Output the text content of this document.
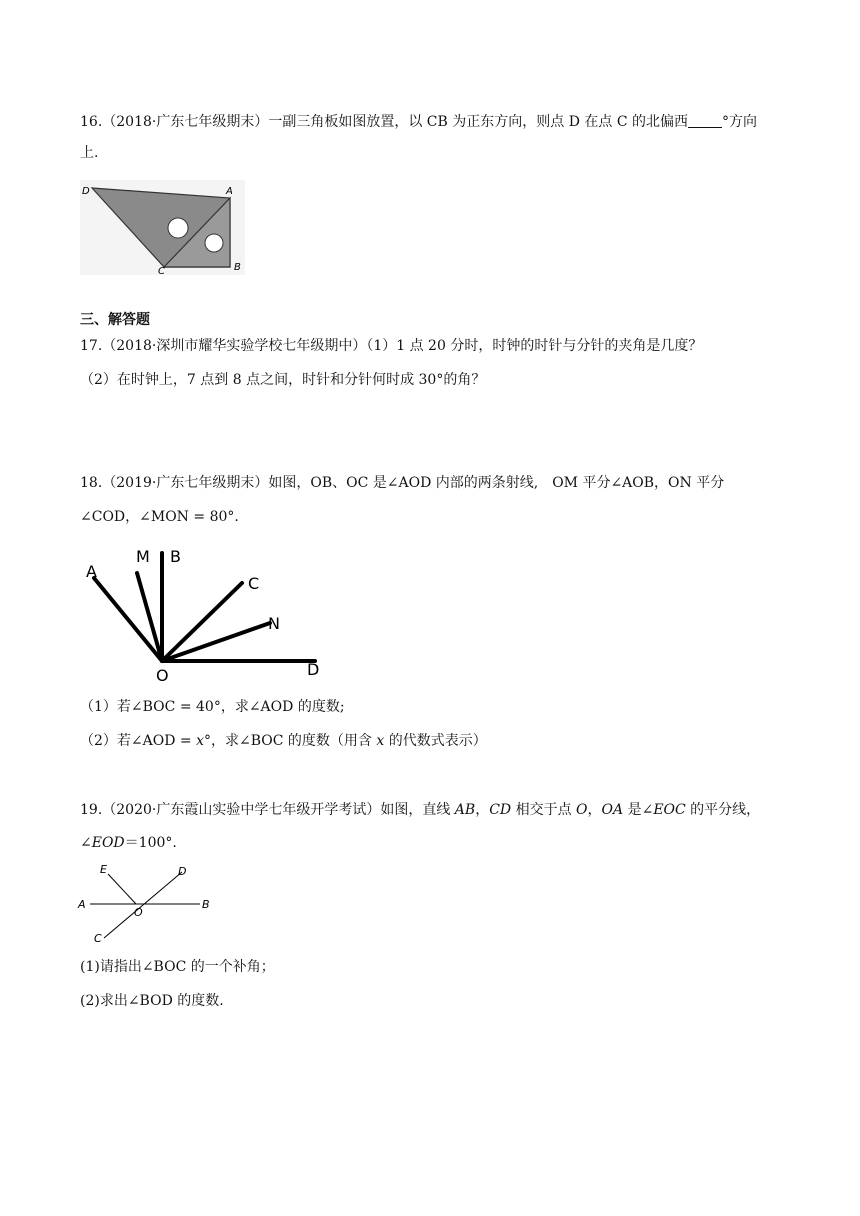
16.（2018·广东七年级期末）一副三角板如图放置，以 CB 为正东方向，则点 D 在点 C 的北偏西 °方向
上.
D	A
C	B
三、解答题
17.（2018·深圳市耀华实验学校七年级期中）（1）1 点 20 分时，时钟的时针与分针的夹角是几度？
（2）在时钟上，7 点到 8 点之间，时针和分针何时成 30°的角？
18.（2019·广东七年级期末）如图，OB、OC 是∠AOD 内部的两条射线,　OM 平分∠AOB，ON 平分
∠COD，∠MON = 80°.
A
M B
C
N
O	D
（1）若∠BOC = 40°，求∠AOD 的度数;
（2）若∠AOD = x°，求∠BOC 的度数（用含 x 的代数式表示）
19.（2020·广东霞山实验中学七年级开学考试）如图，直线 AB，CD 相交于点 O，OA 是∠EOC 的平分线，
∠EOD＝100°.
E	D
A
O
B
C
(1)请指出∠BOC 的一个补角；
(2)求出∠BOD 的度数.
